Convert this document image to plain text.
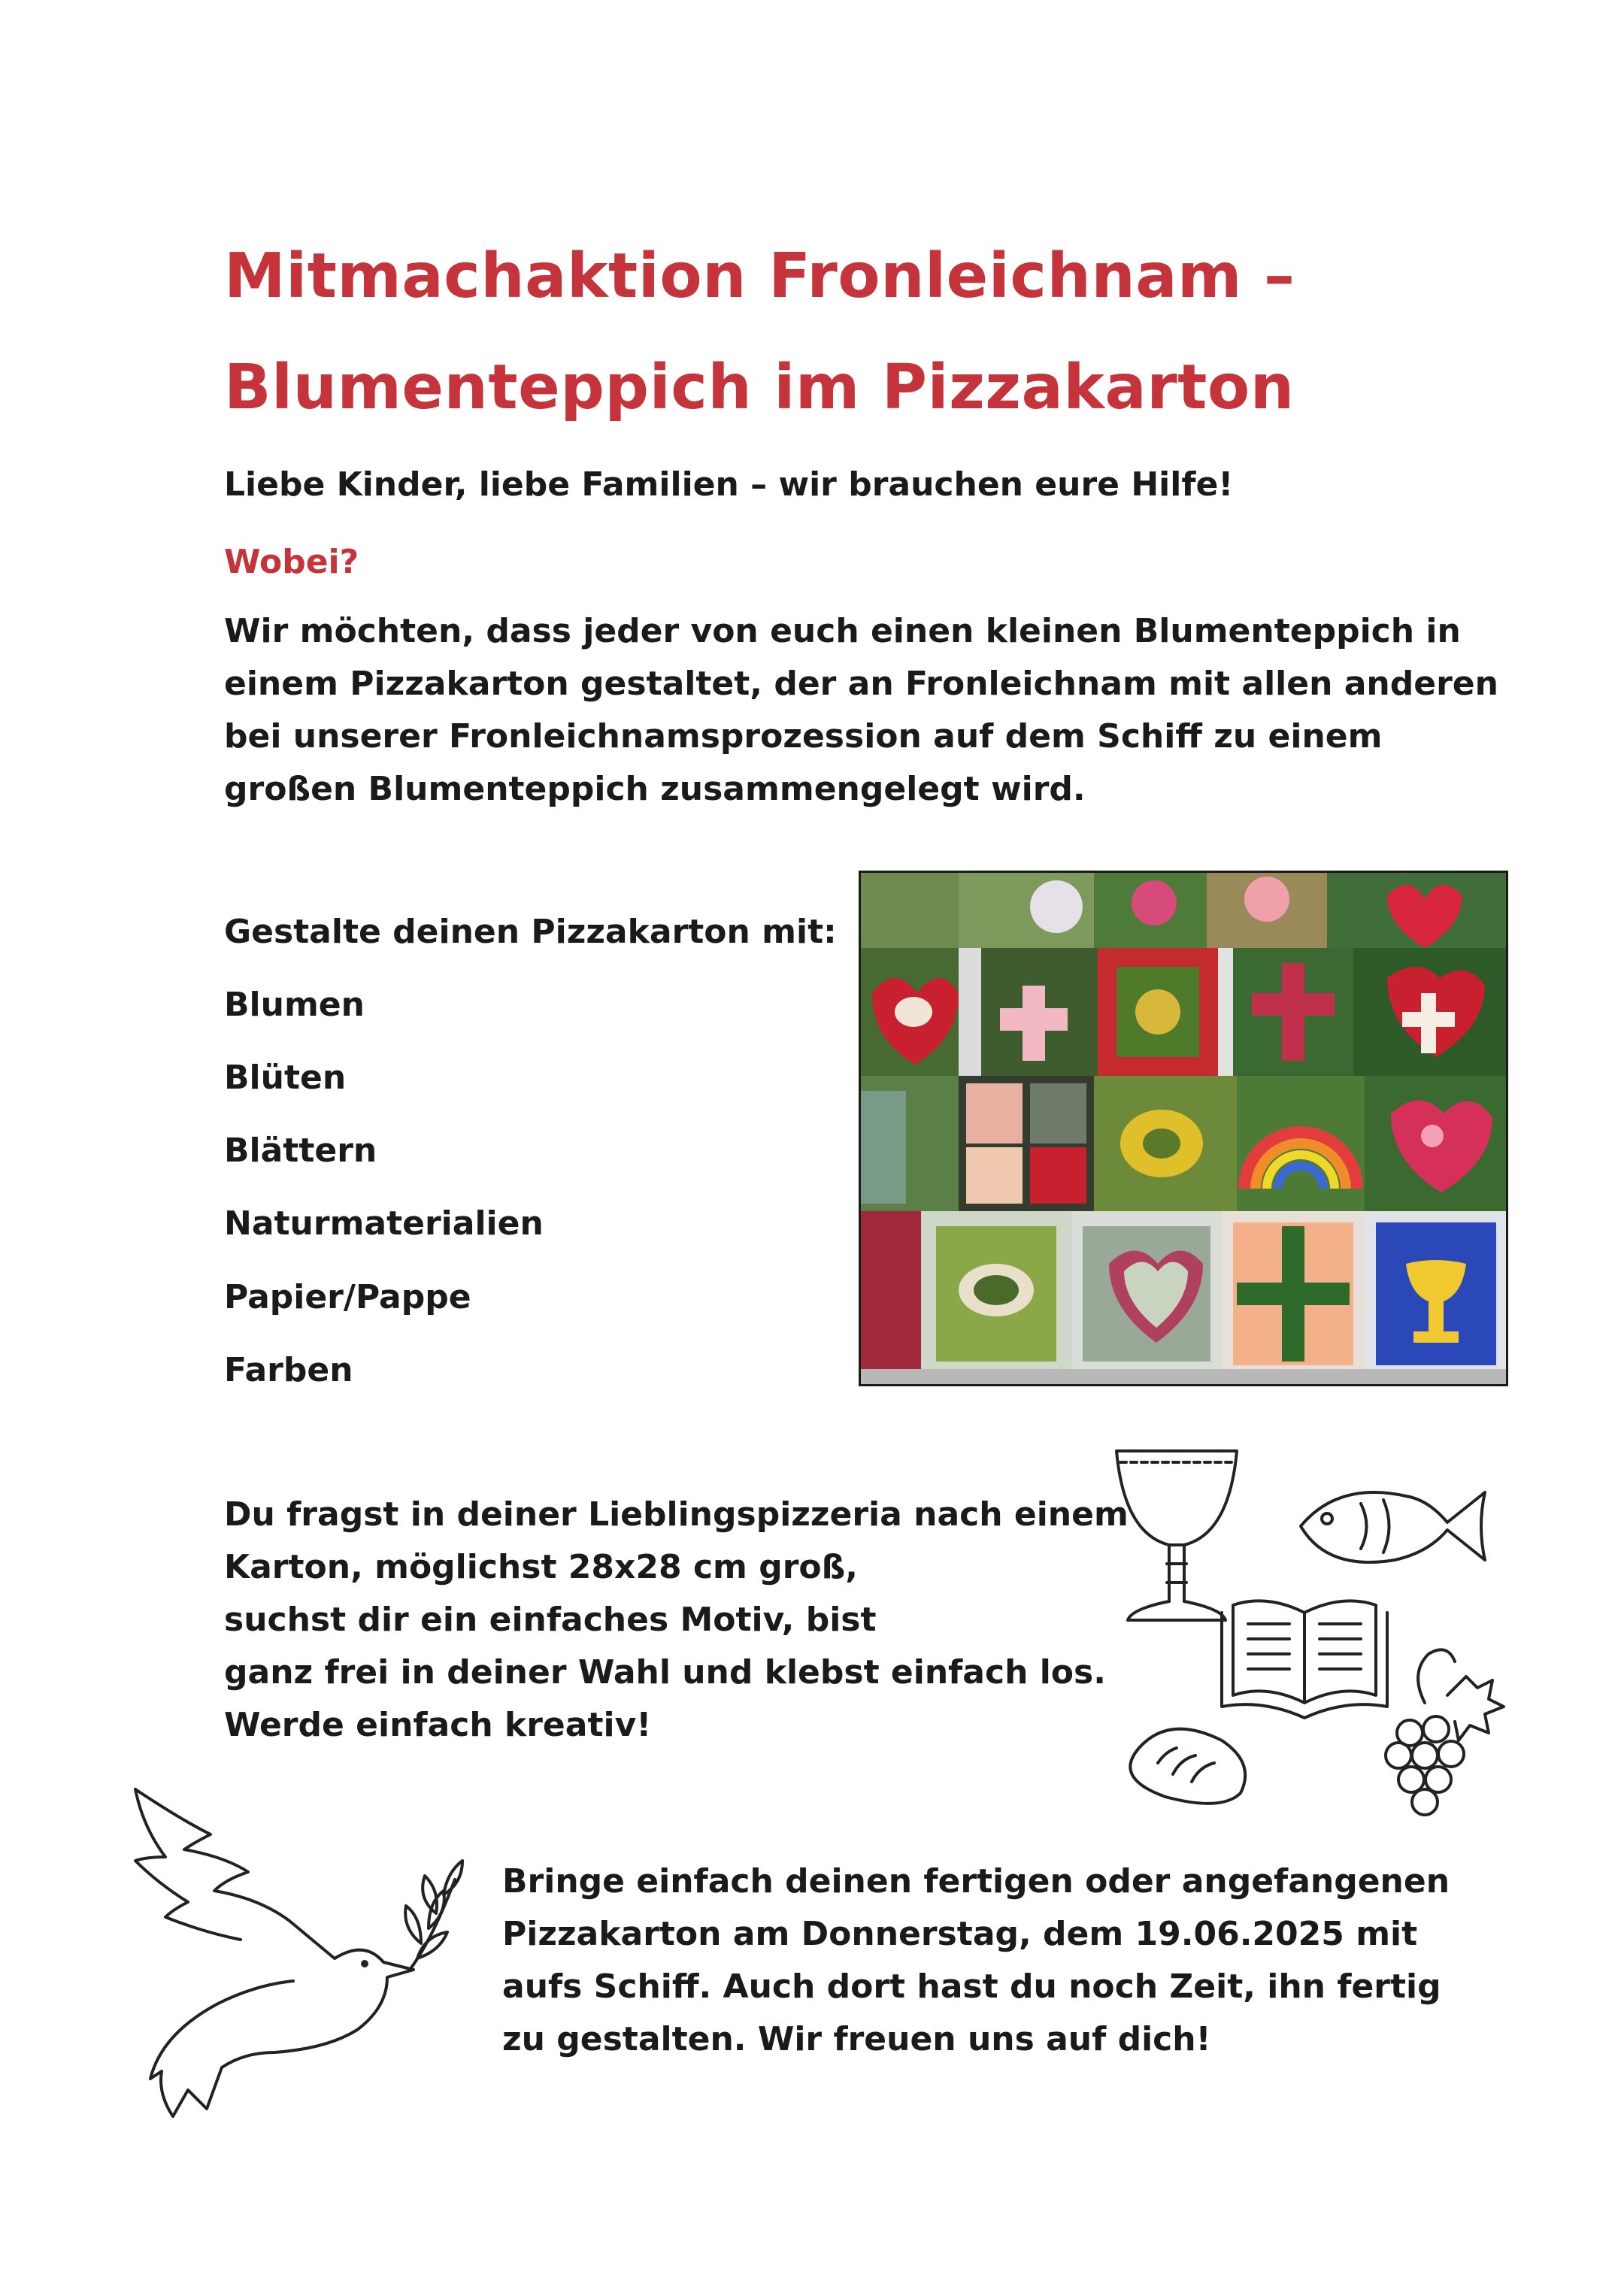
Mitmachaktion Fronleichnam –
Blumenteppich im Pizzakarton
Liebe Kinder, liebe Familien – wir brauchen eure Hilfe!
Wobei?
Wir möchten, dass jeder von euch einen kleinen Blumenteppich in
einem Pizzakarton gestaltet, der an Fronleichnam mit allen anderen
bei unserer Fronleichnamsprozession auf dem Schiff zu einem
großen Blumenteppich zusammengelegt wird.
Gestalte deinen Pizzakarton mit:
Blumen
Blüten
Blättern
Naturmaterialien
Papier/Pappe
Farben
Du fragst in deiner Lieblingspizzeria nach einem
Karton, möglichst 28x28 cm groß,
suchst dir ein einfaches Motiv, bist
ganz frei in deiner Wahl und klebst einfach los.
Werde einfach kreativ!
Bringe einfach deinen fertigen oder angefangenen
Pizzakarton am Donnerstag, dem 19.06.2025 mit
aufs Schiff. Auch dort hast du noch Zeit, ihn fertig
zu gestalten. Wir freuen uns auf dich!
